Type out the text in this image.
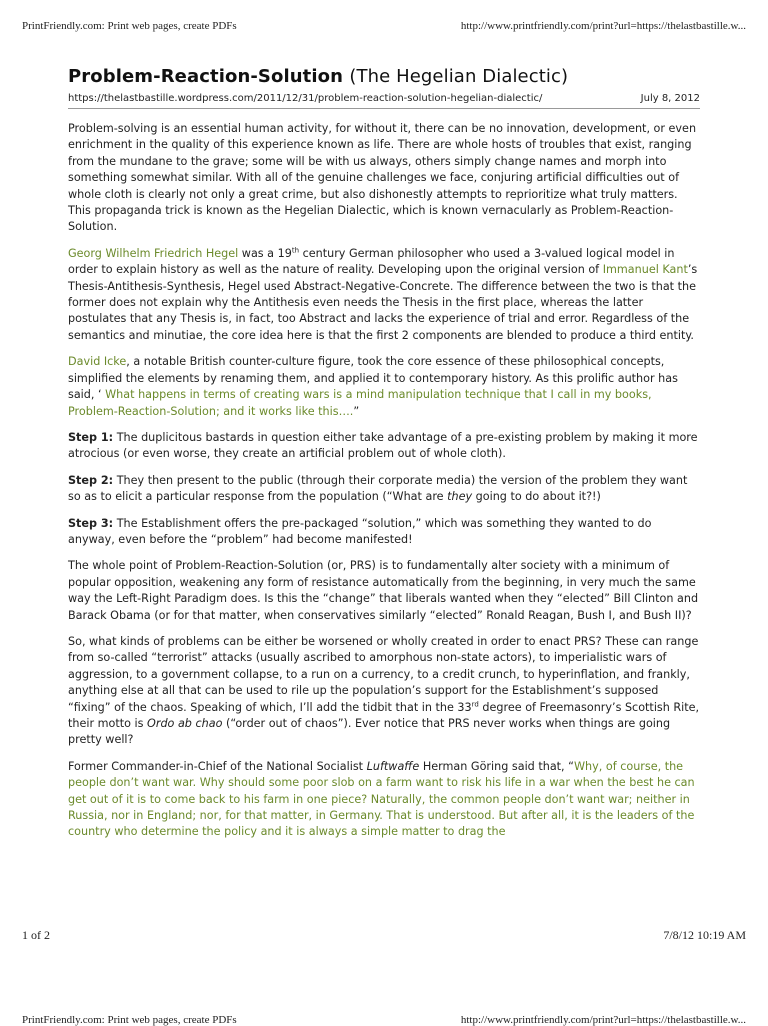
PrintFriendly.com: Print web pages, create PDFs	http://www.printfriendly.com/print?url=https://thelastbastille.w...
Problem-Reaction-Solution (The Hegelian Dialectic)
https://thelastbastille.wordpress.com/2011/12/31/problem-reaction-solution-hegelian-dialectic/	July 8, 2012

Problem-solving is an essential human activity, for without it, there can be no innovation, development, or even enrichment in the quality of this experience known as life. There are whole hosts of troubles that exist, ranging from the mundane to the grave; some will be with us always, others simply change names and morph into something somewhat similar. With all of the genuine challenges we face, conjuring artificial difficulties out of whole cloth is clearly not only a great crime, but also dishonestly attempts to reprioritize what truly matters. This propaganda trick is known as the Hegelian Dialectic, which is known vernacularly as Problem-Reaction-Solution.

Georg Wilhelm Friedrich Hegel was a 19th century German philosopher who used a 3-valued logical model in order to explain history as well as the nature of reality. Developing upon the original version of Immanuel Kant’s Thesis-Antithesis-Synthesis, Hegel used Abstract-Negative-Concrete. The difference between the two is that the former does not explain why the Antithesis even needs the Thesis in the first place, whereas the latter postulates that any Thesis is, in fact, too Abstract and lacks the experience of trial and error. Regardless of the semantics and minutiae, the core idea here is that the first 2 components are blended to produce a third entity.

David Icke, a notable British counter-culture figure, took the core essence of these philosophical concepts, simplified the elements by renaming them, and applied it to contemporary history. As this prolific author has said, ‘ What happens in terms of creating wars is a mind manipulation technique that I call in my books, Problem-Reaction-Solution; and it works like this….”

Step 1: The duplicitous bastards in question either take advantage of a pre-existing problem by making it more atrocious (or even worse, they create an artificial problem out of whole cloth).

Step 2: They then present to the public (through their corporate media) the version of the problem they want so as to elicit a particular response from the population (“What are they going to do about it?!)

Step 3: The Establishment offers the pre-packaged “solution,” which was something they wanted to do anyway, even before the “problem” had become manifested!

The whole point of Problem-Reaction-Solution (or, PRS) is to fundamentally alter society with a minimum of popular opposition, weakening any form of resistance automatically from the beginning, in very much the same way the Left-Right Paradigm does. Is this the “change” that liberals wanted when they “elected” Bill Clinton and Barack Obama (or for that matter, when conservatives similarly “elected” Ronald Reagan, Bush I, and Bush II)?

So, what kinds of problems can be either be worsened or wholly created in order to enact PRS? These can range from so-called “terrorist” attacks (usually ascribed to amorphous non-state actors), to imperialistic wars of aggression, to a government collapse, to a run on a currency, to a credit crunch, to hyperinflation, and frankly, anything else at all that can be used to rile up the population’s support for the Establishment’s supposed “fixing” of the chaos. Speaking of which, I’ll add the tidbit that in the 33rd degree of Freemasonry’s Scottish Rite, their motto is Ordo ab chao (“order out of chaos”). Ever notice that PRS never works when things are going pretty well?

Former Commander-in-Chief of the National Socialist Luftwaffe Herman Göring said that, “Why, of course, the people don’t want war. Why should some poor slob on a farm want to risk his life in a war when the best he can get out of it is to come back to his farm in one piece? Naturally, the common people don’t want war; neither in Russia, nor in England; nor, for that matter, in Germany. That is understood. But after all, it is the leaders of the country who determine the policy and it is always a simple matter to drag the

1 of 2	7/8/12 10:19 AM
PrintFriendly.com: Print web pages, create PDFs	http://www.printfriendly.com/print?url=https://thelastbastille.w...
